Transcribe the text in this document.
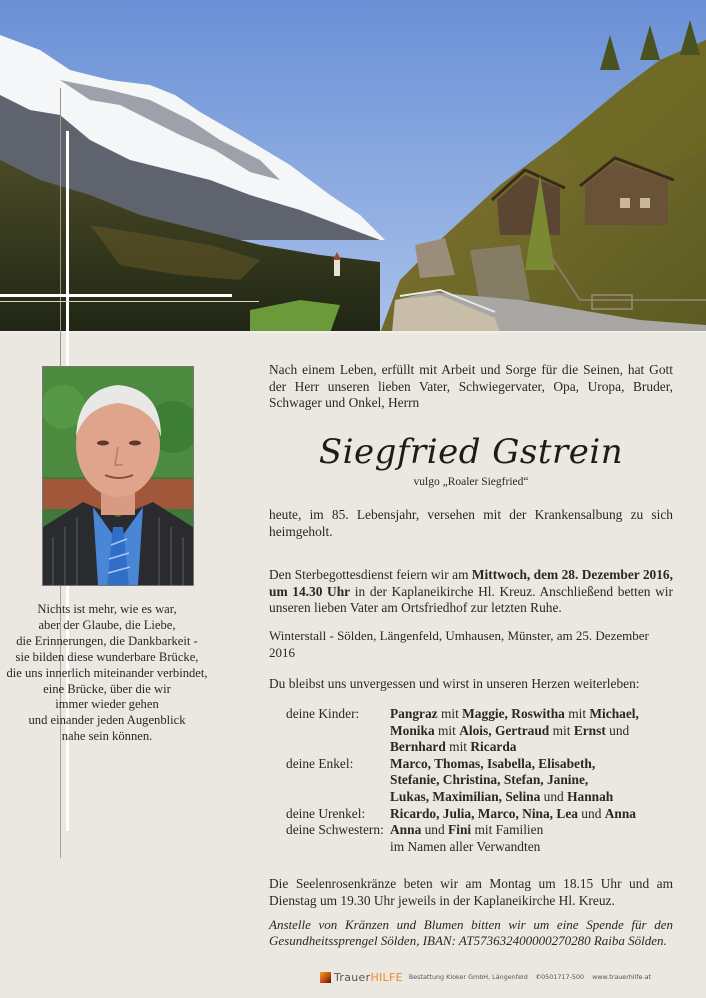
Nichts ist mehr, wie es war,
aber der Glaube, die Liebe,
die Erinnerungen, die Dankbarkeit -
sie bilden diese wunderbare Brücke,
die uns innerlich miteinander verbindet,
eine Brücke, über die wir
immer wieder gehen
und einander jeden Augenblick
nahe sein können.
Nach einem Leben, erfüllt mit Arbeit und Sorge für die Seinen, hat Gott der Herr unseren lieben Vater, Schwiegervater, Opa, Uropa, Bruder, Schwager und Onkel, Herrn
Siegfried Gstrein
vulgo „Roaler Siegfried“
heute, im 85. Lebensjahr, versehen mit der Krankensalbung zu sich heimgeholt.
Den Sterbegottesdienst feiern wir am Mittwoch, dem 28. Dezember 2016, um 14.30 Uhr in der Kaplaneikirche Hl. Kreuz. Anschließend betten wir unseren lieben Vater am Ortsfriedhof zur letzten Ruhe.
Winterstall - Sölden, Längenfeld, Umhausen, Münster, am 25. Dezember 2016
Du bleibst uns unvergessen und wirst in unseren Herzen weiterleben:
deine Kinder:	Pangraz mit Maggie, Roswitha mit Michael,
Monika mit Alois, Gertraud mit Ernst und
Bernhard mit Ricarda
deine Enkel:	Marco, Thomas, Isabella, Elisabeth,
Stefanie, Christina, Stefan, Janine,
Lukas, Maximilian, Selina und Hannah
deine Urenkel:	Ricardo, Julia, Marco, Nina, Lea und Anna
deine Schwestern: Anna und Fini mit Familien
im Namen aller Verwandten
Die Seelenrosenkränze beten wir am Montag um 18.15 Uhr und am Dienstag um 19.30 Uhr jeweils in der Kaplaneikirche Hl. Kreuz.
Anstelle von Kränzen und Blumen bitten wir um eine Spende für den Gesundheitssprengel Sölden, IBAN: AT573632400000270280 Raiba Sölden.
Trauer HILFE Bestattung Kloker GmbH, Längenfeld ✆0501717-500 www.trauerhilfe.at
